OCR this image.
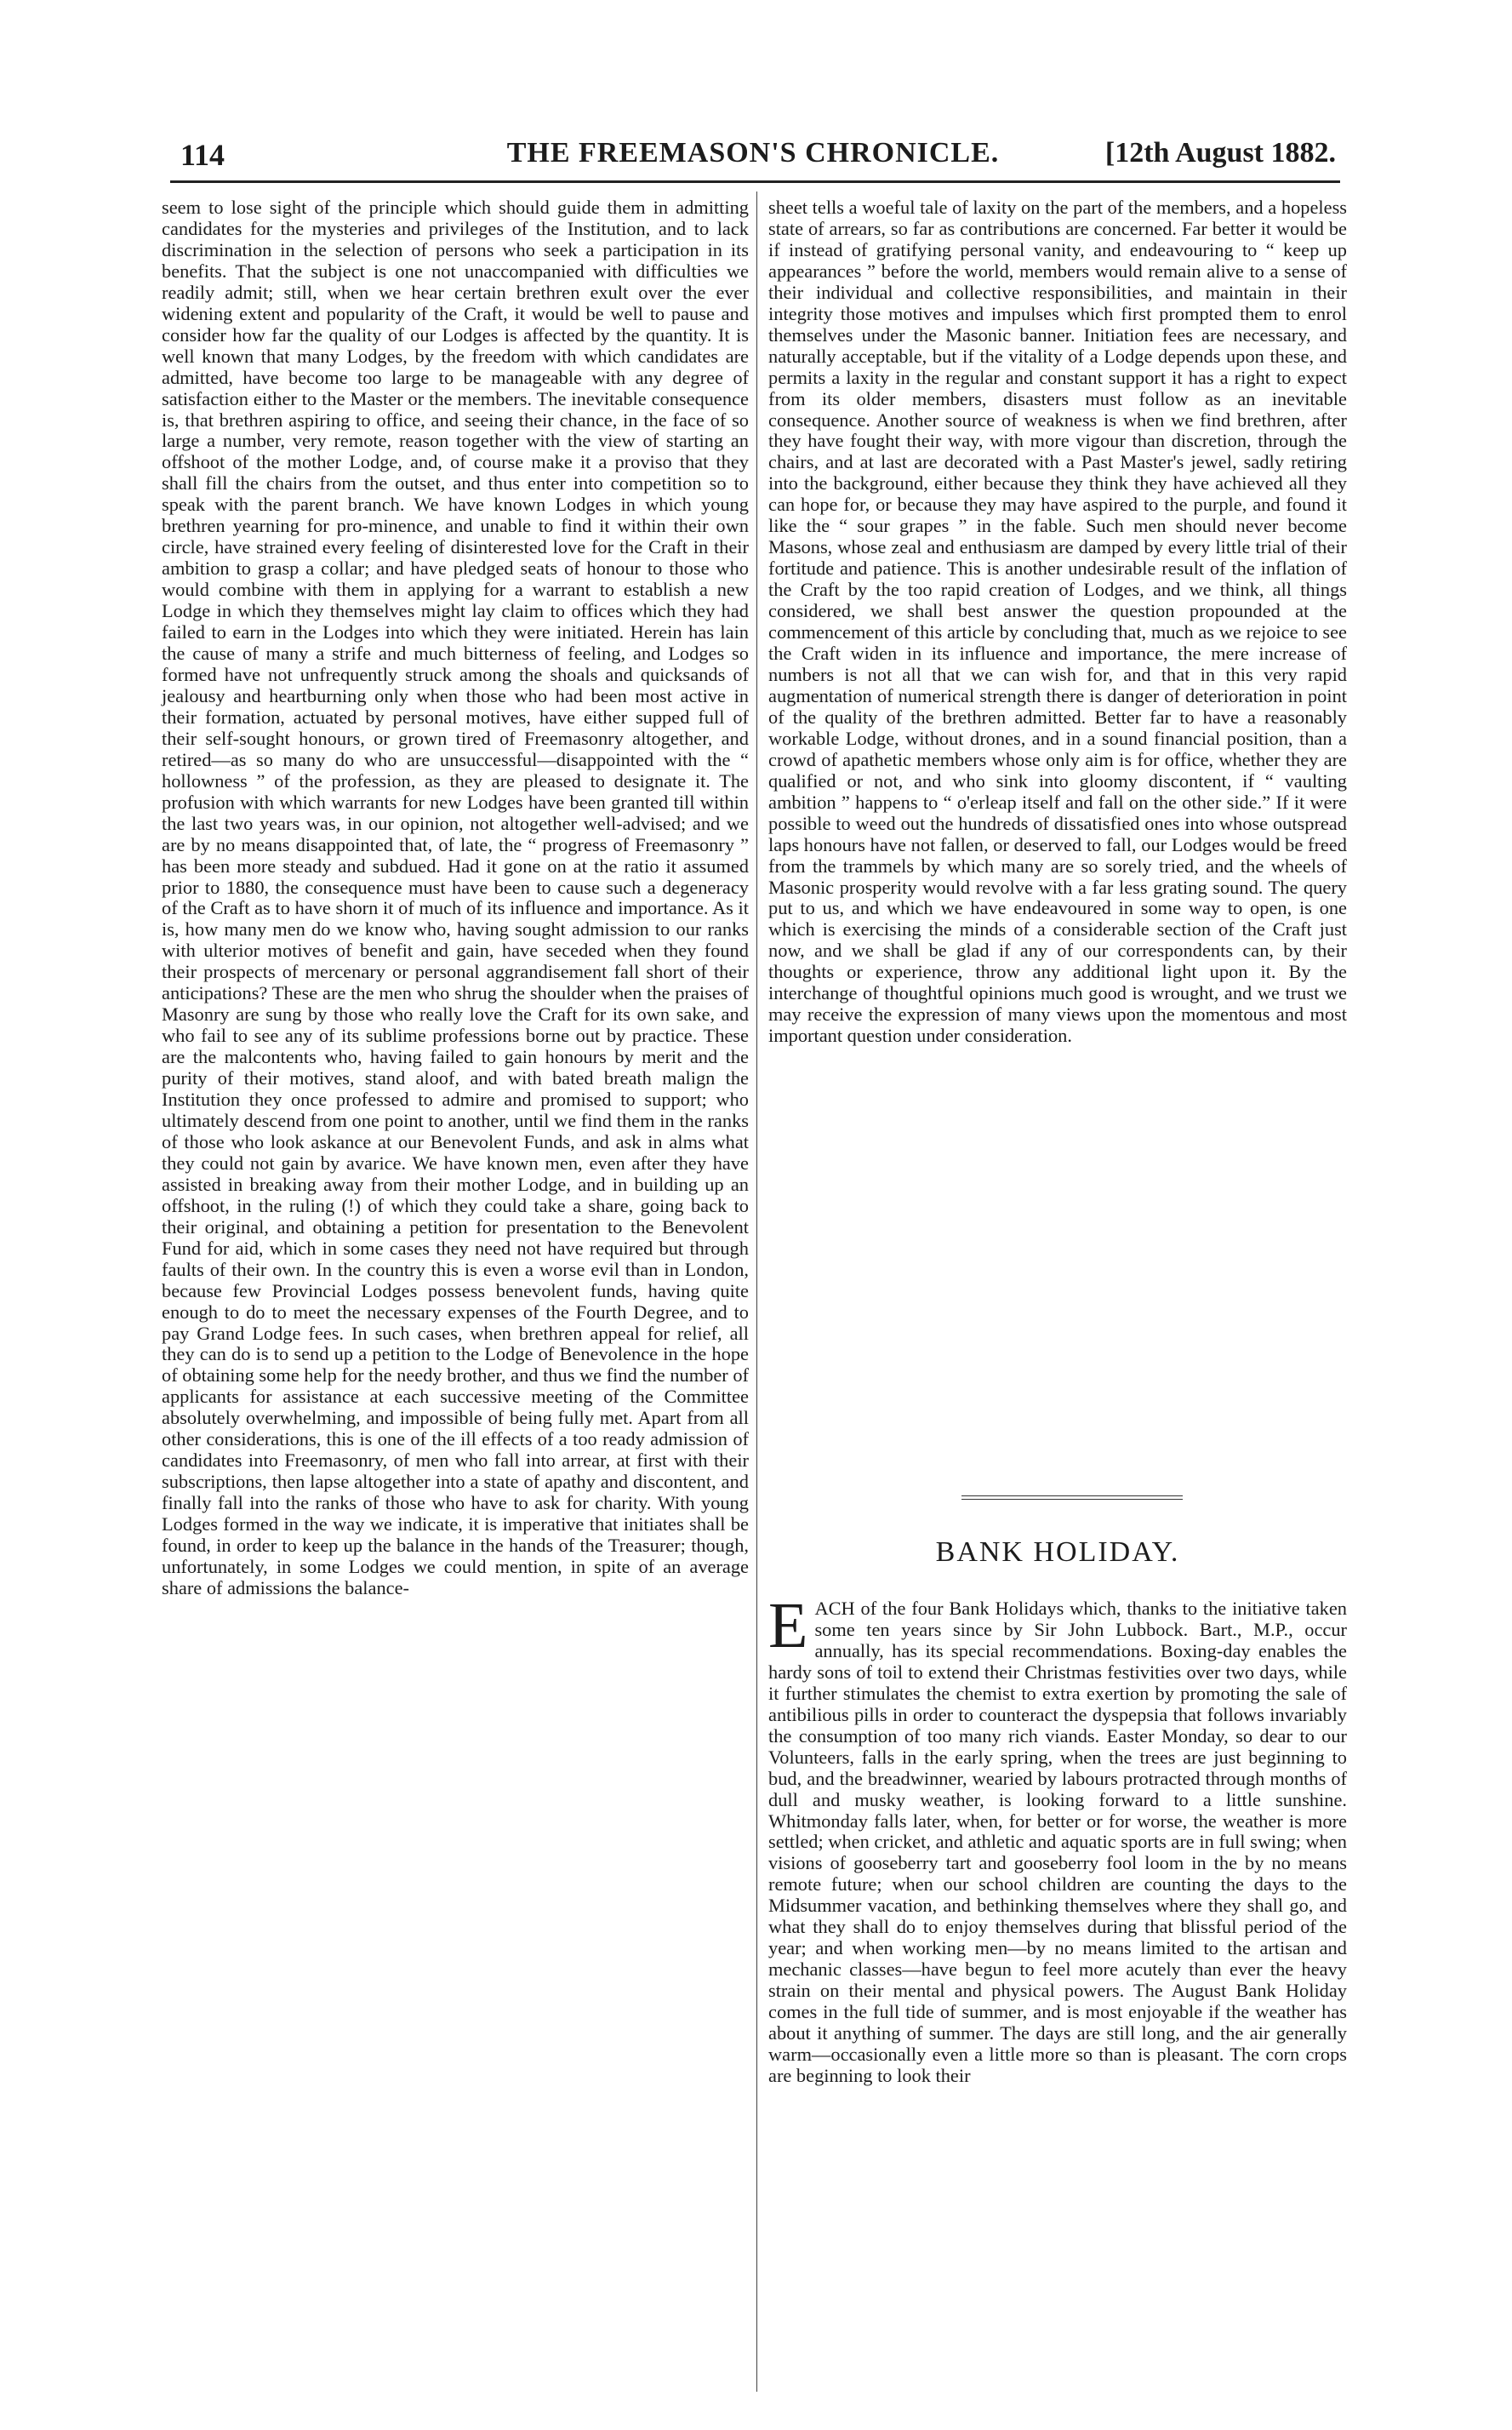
114	THE FREEMASON'S CHRONICLE.	[12th August 1882.

seem to lose sight of the principle which should guide them in admitting candidates for the mysteries and privileges of the Institution, and to lack discrimination in the selection of persons who seek a participation in its benefits. That the subject is one not unaccompanied with difficulties we readily admit; still, when we hear certain brethren exult over the ever widening extent and popularity of the Craft, it would be well to pause and consider how far the quality of our Lodges is affected by the quantity. It is well known that many Lodges, by the freedom with which candidates are admitted, have become too large to be manageable with any degree of satisfaction either to the Master or the members. The inevitable consequence is, that brethren aspiring to office, and seeing their chance, in the face of so large a number, very remote, reason together with the view of starting an offshoot of the mother Lodge, and, of course make it a proviso that they shall fill the chairs from the outset, and thus enter into competition so to speak with the parent branch. We have known Lodges in which young brethren yearning for pro-minence, and unable to find it within their own circle, have strained every feeling of disinterested love for the Craft in their ambition to grasp a collar; and have pledged seats of honour to those who would combine with them in applying for a warrant to establish a new Lodge in which they themselves might lay claim to offices which they had failed to earn in the Lodges into which they were initiated. Herein has lain the cause of many a strife and much bitterness of feeling, and Lodges so formed have not unfrequently struck among the shoals and quicksands of jealousy and heartburning only when those who had been most active in their formation, actuated by personal motives, have either supped full of their self-sought honours, or grown tired of Freemasonry altogether, and retired—as so many do who are unsuccessful—disappointed with the “ hollowness ” of the profession, as they are pleased to designate it. The profusion with which warrants for new Lodges have been granted till within the last two years was, in our opinion, not altogether well-advised; and we are by no means disappointed that, of late, the “ progress of Freemasonry ” has been more steady and subdued. Had it gone on at the ratio it assumed prior to 1880, the consequence must have been to cause such a degeneracy of the Craft as to have shorn it of much of its influence and importance. As it is, how many men do we know who, having sought admission to our ranks with ulterior motives of benefit and gain, have seceded when they found their prospects of mercenary or personal aggrandisement fall short of their anticipations? These are the men who shrug the shoulder when the praises of Masonry are sung by those who really love the Craft for its own sake, and who fail to see any of its sublime professions borne out by practice. These are the malcontents who, having failed to gain honours by merit and the purity of their motives, stand aloof, and with bated breath malign the Institution they once professed to admire and promised to support; who ultimately descend from one point to another, until we find them in the ranks of those who look askance at our Benevolent Funds, and ask in alms what they could not gain by avarice. We have known men, even after they have assisted in breaking away from their mother Lodge, and in building up an offshoot, in the ruling (!) of which they could take a share, going back to their original, and obtaining a petition for presentation to the Benevolent Fund for aid, which in some cases they need not have required but through faults of their own. In the country this is even a worse evil than in London, because few Provincial Lodges possess benevolent funds, having quite enough to do to meet the necessary expenses of the Fourth Degree, and to pay Grand Lodge fees. In such cases, when brethren appeal for relief, all they can do is to send up a petition to the Lodge of Benevolence in the hope of obtaining some help for the needy brother, and thus we find the number of applicants for assistance at each successive meeting of the Committee absolutely overwhelming, and impossible of being fully met. Apart from all other considerations, this is one of the ill effects of a too ready admission of candidates into Freemasonry, of men who fall into arrear, at first with their subscriptions, then lapse altogether into a state of apathy and discontent, and finally fall into the ranks of those who have to ask for charity. With young Lodges formed in the way we indicate, it is imperative that initiates shall be found, in order to keep up the balance in the hands of the Treasurer; though, unfortunately, in some Lodges we could mention, in spite of an average share of admissions the balance-

sheet tells a woeful tale of laxity on the part of the members, and a hopeless state of arrears, so far as contributions are concerned. Far better it would be if instead of gratifying personal vanity, and endeavouring to “ keep up appearances ” before the world, members would remain alive to a sense of their individual and collective responsibilities, and maintain in their integrity those motives and impulses which first prompted them to enrol themselves under the Masonic banner. Initiation fees are necessary, and naturally acceptable, but if the vitality of a Lodge depends upon these, and permits a laxity in the regular and constant support it has a right to expect from its older members, disasters must follow as an inevitable consequence. Another source of weakness is when we find brethren, after they have fought their way, with more vigour than discretion, through the chairs, and at last are decorated with a Past Master's jewel, sadly retiring into the background, either because they think they have achieved all they can hope for, or because they may have aspired to the purple, and found it like the “ sour grapes ” in the fable. Such men should never become Masons, whose zeal and enthusiasm are damped by every little trial of their fortitude and patience. This is another undesirable result of the inflation of the Craft by the too rapid creation of Lodges, and we think, all things considered, we shall best answer the question propounded at the commencement of this article by concluding that, much as we rejoice to see the Craft widen in its influence and importance, the mere increase of numbers is not all that we can wish for, and that in this very rapid augmentation of numerical strength there is danger of deterioration in point of the quality of the brethren admitted. Better far to have a reasonably workable Lodge, without drones, and in a sound financial position, than a crowd of apathetic members whose only aim is for office, whether they are qualified or not, and who sink into gloomy discontent, if “ vaulting ambition ” happens to “ o'erleap itself and fall on the other side.” If it were possible to weed out the hundreds of dissatisfied ones into whose outspread laps honours have not fallen, or deserved to fall, our Lodges would be freed from the trammels by which many are so sorely tried, and the wheels of Masonic prosperity would revolve with a far less grating sound. The query put to us, and which we have endeavoured in some way to open, is one which is exercising the minds of a considerable section of the Craft just now, and we shall be glad if any of our correspondents can, by their thoughts or experience, throw any additional light upon it. By the interchange of thoughtful opinions much good is wrought, and we trust we may receive the expression of many views upon the momentous and most important question under consideration.

BANK HOLIDAY.

EACH of the four Bank Holidays which, thanks to the initiative taken some ten years since by Sir John Lubbock. Bart., M.P., occur annually, has its special recommendations. Boxing-day enables the hardy sons of toil to extend their Christmas festivities over two days, while it further stimulates the chemist to extra exertion by promoting the sale of antibilious pills in order to counteract the dyspepsia that follows invariably the consumption of too many rich viands. Easter Monday, so dear to our Volunteers, falls in the early spring, when the trees are just beginning to bud, and the breadwinner, wearied by labours protracted through months of dull and musky weather, is looking forward to a little sunshine. Whitmonday falls later, when, for better or for worse, the weather is more settled; when cricket, and athletic and aquatic sports are in full swing; when visions of gooseberry tart and gooseberry fool loom in the by no means remote future; when our school children are counting the days to the Midsummer vacation, and bethinking themselves where they shall go, and what they shall do to enjoy themselves during that blissful period of the year; and when working men—by no means limited to the artisan and mechanic classes—have begun to feel more acutely than ever the heavy strain on their mental and physical powers. The August Bank Holiday comes in the full tide of summer, and is most enjoyable if the weather has about it anything of summer. The days are still long, and the air generally warm—occasionally even a little more so than is pleasant. The corn crops are beginning to look their
